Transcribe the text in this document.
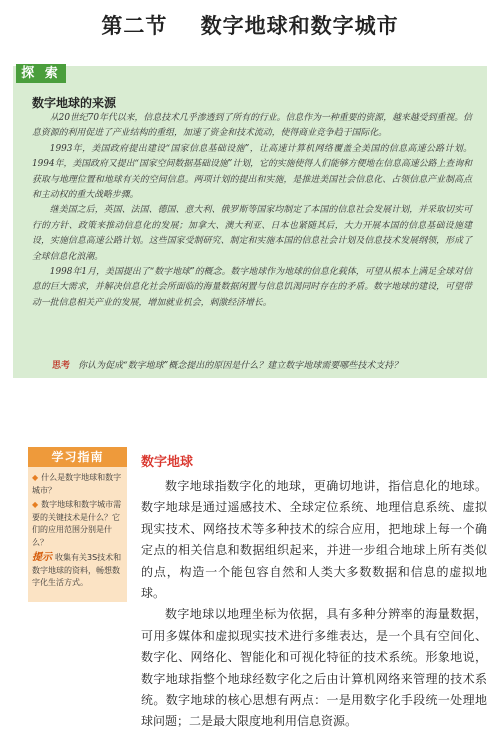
第二节    数字地球和数字城市
探 索
数字地球的来源

从20世纪70年代以来，信息技术几乎渗透到了所有的行业。信息作为一种重要的资源，越来越受到重视。信息资源的利用促进了产业结构的重组，加速了资金和技术流动，使得商业竞争趋于国际化。

1993年，美国政府提出建设“国家信息基础设施”，让高速计算机网络覆盖全美国的信息高速公路计划。1994年，美国政府又提出“国家空间数据基础设施”计划，它的实施使得人们能够方便地在信息高速公路上查询和获取与地理位置和地球有关的空间信息。两项计划的提出和实施，是推进美国社会信息化、占领信息产业制高点和主动权的重大战略步骤。

继美国之后，英国、法国、德国、意大利、俄罗斯等国家均制定了本国的信息社会发展计划，并采取切实可行的方针、政策来推动信息化的发展；加拿大、澳大利亚、日本也紧随其后，大力开展本国的信息基础设施建设，实施信息高速公路计划。这些国家受制研究、制定和实施本国的信息社会计划及信息技术发展纲领，形成了全球信息化浪潮。

1998年1月，美国提出了“数字地球”的概念。数字地球作为地球的信息化载体，可望从根本上满足全球对信息的巨大需求，并解决信息化社会所面临的海量数据闲置与信息饥渴同时存在的矛盾。数字地球的建设，可望带动一批信息相关产业的发展，增加就业机会，刺激经济增长。

思考 你认为促成“数字地球”概念提出的原因是什么？建立数字地球需要哪些技术支持？
学习指南
◆ 什么是数字地球和数字城市？
◆ 数字地球和数字城市需要的关键技术是什么？它们的应用范围分别是什么？
提示 收集有关3S技术和数字地球的资料，畅想数字化生活方式。
数字地球

数字地球指数字化的地球，更确切地讲，指信息化的地球。数字地球是通过遥感技术、全球定位系统、地理信息系统、虚拟现实技术、网络技术等多种技术的综合应用，把地球上每一个确定点的相关信息和数据组织起来，并进一步组合地球上所有类似的点，构造一个能包容自然和人类大多数数据和信息的虚拟地球。

数字地球以地理坐标为依据，具有多种分辨率的海量数据，可用多媒体和虚拟现实技术进行多维表达，是一个具有空间化、数字化、网络化、智能化和可视化特征的技术系统。形象地说，数字地球指整个地球经数字化之后由计算机网络来管理的技术系统。数字地球的核心思想有两点：一是用数字化手段统一处理地球问题；二是最大限度地利用信息资源。
